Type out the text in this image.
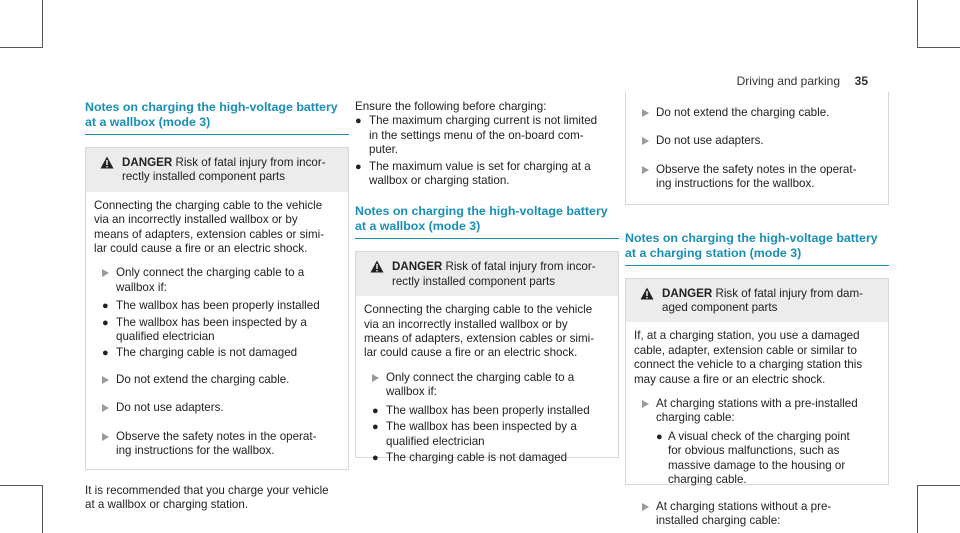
Driving and parking 35
Notes on charging the high-voltage battery
at a wallbox (mode 3)
DANGER Risk of fatal injury from incor-
rectly installed component parts

Connecting the charging cable to the vehicle
via an incorrectly installed wallbox or by
means of adapters, extension cables or simi-
lar could cause a fire or an electric shock.

Only connect the charging cable to a
wallbox if:
● The wallbox has been properly installed
● The wallbox has been inspected by a
qualified electrician
● The charging cable is not damaged
Do not extend the charging cable.
Do not use adapters.
Observe the safety notes in the operat-
ing instructions for the wallbox.

It is recommended that you charge your vehicle
at a wallbox or charging station.

Ensure the following before charging:

● The maximum charging current is not limited
in the settings menu of the on-board com-
puter.
● The maximum value is set for charging at a
wallbox or charging station.
Notes on charging the high-voltage battery
at a wallbox (mode 3)
DANGER Risk of fatal injury from incor-
rectly installed component parts

Connecting the charging cable to the vehicle
via an incorrectly installed wallbox or by
means of adapters, extension cables or simi-
lar could cause a fire or an electric shock.

Only connect the charging cable to a
wallbox if:
● The wallbox has been properly installed
● The wallbox has been inspected by a
qualified electrician
● The charging cable is not damaged
Do not extend the charging cable.
Do not use adapters.
Observe the safety notes in the operat-
ing instructions for the wallbox.
Notes on charging the high-voltage battery
at a charging station (mode 3)
DANGER Risk of fatal injury from dam-
aged component parts

If, at a charging station, you use a damaged
cable, adapter, extension cable or similar to
connect the vehicle to a charging station this
may cause a fire or an electric shock.

At charging stations with a pre-installed
charging cable:
● A visual check of the charging point
for obvious malfunctions, such as
massive damage to the housing or
charging cable.
At charging stations without a pre-
installed charging cable:
